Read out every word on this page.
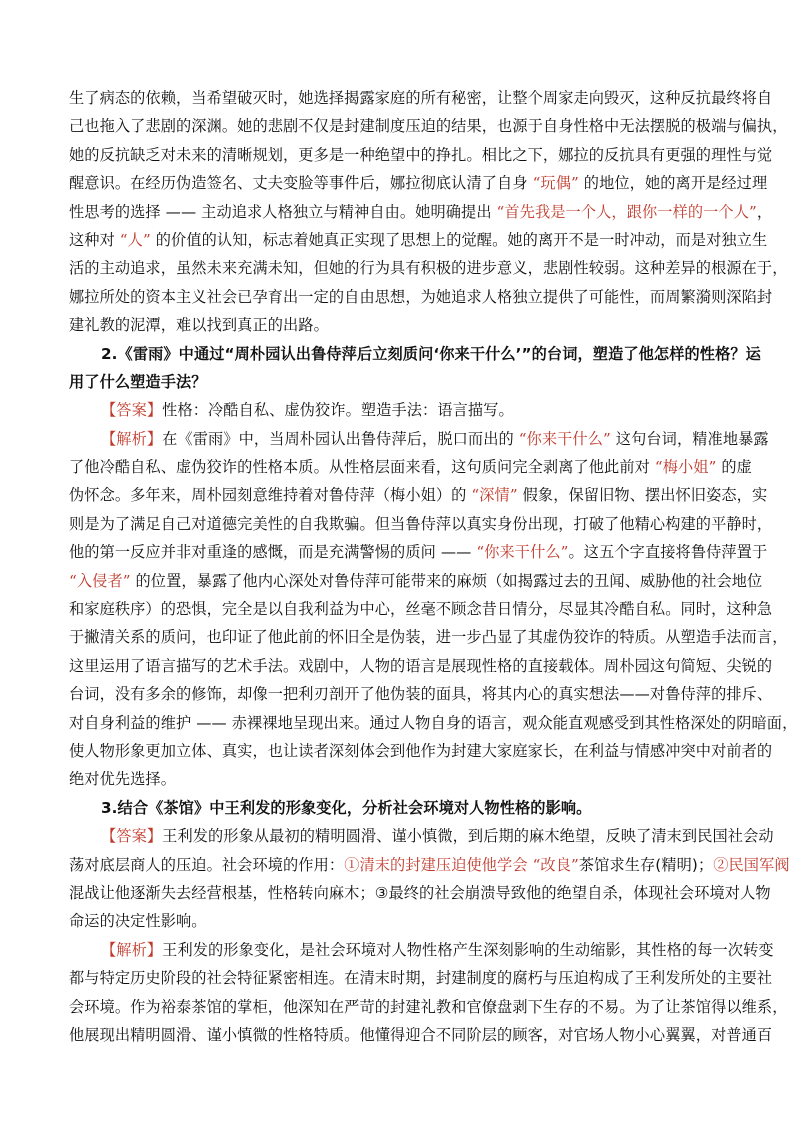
生了病态的依赖，当希望破灭时，她选择揭露家庭的所有秘密，让整个周家走向毁灭，这种反抗最终将自
己也拖入了悲剧的深渊。她的悲剧不仅是封建制度压迫的结果，也源于自身性格中无法摆脱的极端与偏执，
她的反抗缺乏对未来的清晰规划，更多是一种绝望中的挣扎。相比之下，娜拉的反抗具有更强的理性与觉
醒意识。在经历伪造签名、丈夫变脸等事件后，娜拉彻底认清了自身 “玩偶” 的地位，她的离开是经过理
性思考的选择 —— 主动追求人格独立与精神自由。她明确提出 “首先我是一个人，跟你一样的一个人”，
这种对 “人” 的价值的认知，标志着她真正实现了思想上的觉醒。她的离开不是一时冲动，而是对独立生
活的主动追求，虽然未来充满未知，但她的行为具有积极的进步意义，悲剧性较弱。这种差异的根源在于，
娜拉所处的资本主义社会已孕育出一定的自由思想，为她追求人格独立提供了可能性，而周繁漪则深陷封
建礼教的泥潭，难以找到真正的出路。
2.《雷雨》中通过“周朴园认出鲁侍萍后立刻质问‘你来干什么’”的台词，塑造了他怎样的性格？运
用了什么塑造手法？
【答案】性格：冷酷自私、虚伪狡诈。塑造手法：语言描写。
【解析】在《雷雨》中，当周朴园认出鲁侍萍后，脱口而出的 “你来干什么” 这句台词，精准地暴露
了他冷酷自私、虚伪狡诈的性格本质。从性格层面来看，这句质问完全剥离了他此前对 “梅小姐” 的虚
伪怀念。多年来，周朴园刻意维持着对鲁侍萍（梅小姐）的 “深情” 假象，保留旧物、摆出怀旧姿态，实
则是为了满足自己对道德完美性的自我欺骗。但当鲁侍萍以真实身份出现，打破了他精心构建的平静时，
他的第一反应并非对重逢的感慨，而是充满警惕的质问 —— “你来干什么”。这五个字直接将鲁侍萍置于
“入侵者” 的位置，暴露了他内心深处对鲁侍萍可能带来的麻烦（如揭露过去的丑闻、威胁他的社会地位
和家庭秩序）的恐惧，完全是以自我利益为中心，丝毫不顾念昔日情分，尽显其冷酷自私。同时，这种急
于撇清关系的质问，也印证了他此前的怀旧全是伪装，进一步凸显了其虚伪狡诈的特质。从塑造手法而言，
这里运用了语言描写的艺术手法。戏剧中，人物的语言是展现性格的直接载体。周朴园这句简短、尖锐的
台词，没有多余的修饰，却像一把利刃剖开了他伪装的面具，将其内心的真实想法——对鲁侍萍的排斥、
对自身利益的维护 —— 赤裸裸地呈现出来。通过人物自身的语言，观众能直观感受到其性格深处的阴暗面，
使人物形象更加立体、真实，也让读者深刻体会到他作为封建大家庭家长，在利益与情感冲突中对前者的
绝对优先选择。
3.结合《茶馆》中王利发的形象变化，分析社会环境对人物性格的影响。
【答案】王利发的形象从最初的精明圆滑、谨小慎微，到后期的麻木绝望，反映了清末到民国社会动
荡对底层商人的压迫。社会环境的作用：①清末的封建压迫使他学会 “改良”茶馆求生存(精明)；②民国军阀
混战让他逐渐失去经营根基，性格转向麻木；③最终的社会崩溃导致他的绝望自杀，体现社会环境对人物
命运的决定性影响。
【解析】王利发的形象变化，是社会环境对人物性格产生深刻影响的生动缩影，其性格的每一次转变
都与特定历史阶段的社会特征紧密相连。在清末时期，封建制度的腐朽与压迫构成了王利发所处的主要社
会环境。作为裕泰茶馆的掌柜，他深知在严苛的封建礼教和官僚盘剥下生存的不易。为了让茶馆得以维系，
他展现出精明圆滑、谨小慎微的性格特质。他懂得迎合不同阶层的顾客，对官场人物小心翼翼，对普通百
